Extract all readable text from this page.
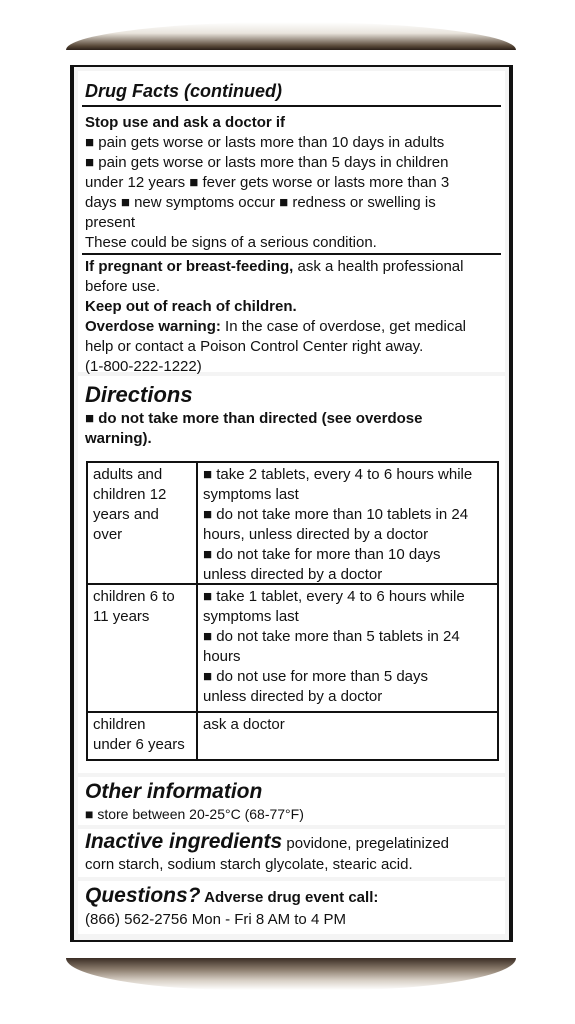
Drug Facts (continued)
Stop use and ask a doctor if
■ pain gets worse or lasts more than 10 days in adults
■ pain gets worse or lasts more than 5 days in children
under 12 years ■ fever gets worse or lasts more than 3
days ■ new symptoms occur ■ redness or swelling is
present
These could be signs of a serious condition.
If pregnant or breast-feeding, ask a health professional
before use.
Keep out of reach of children.
Overdose warning: In the case of overdose, get medical
help or contact a Poison Control Center right away.
(1-800-222-1222)
Directions
■ do not take more than directed (see overdose
warning).
adults and
children 12
years and
over
■ take 2 tablets, every 4 to 6 hours while
symptoms last
■ do not take more than 10 tablets in 24
hours, unless directed by a doctor
■ do not take for more than 10 days
unless directed by a doctor
children 6 to
11 years
■ take 1 tablet, every 4 to 6 hours while
symptoms last
■ do not take more than 5 tablets in 24
hours
■ do not use for more than 5 days
unless directed by a doctor
children
under 6 years
ask a doctor
Other information
■ store between 20-25°C (68-77°F)
Inactive ingredients povidone, pregelatinized
corn starch, sodium starch glycolate, stearic acid.
Questions? Adverse drug event call:
(866) 562-2756 Mon - Fri 8 AM to 4 PM
